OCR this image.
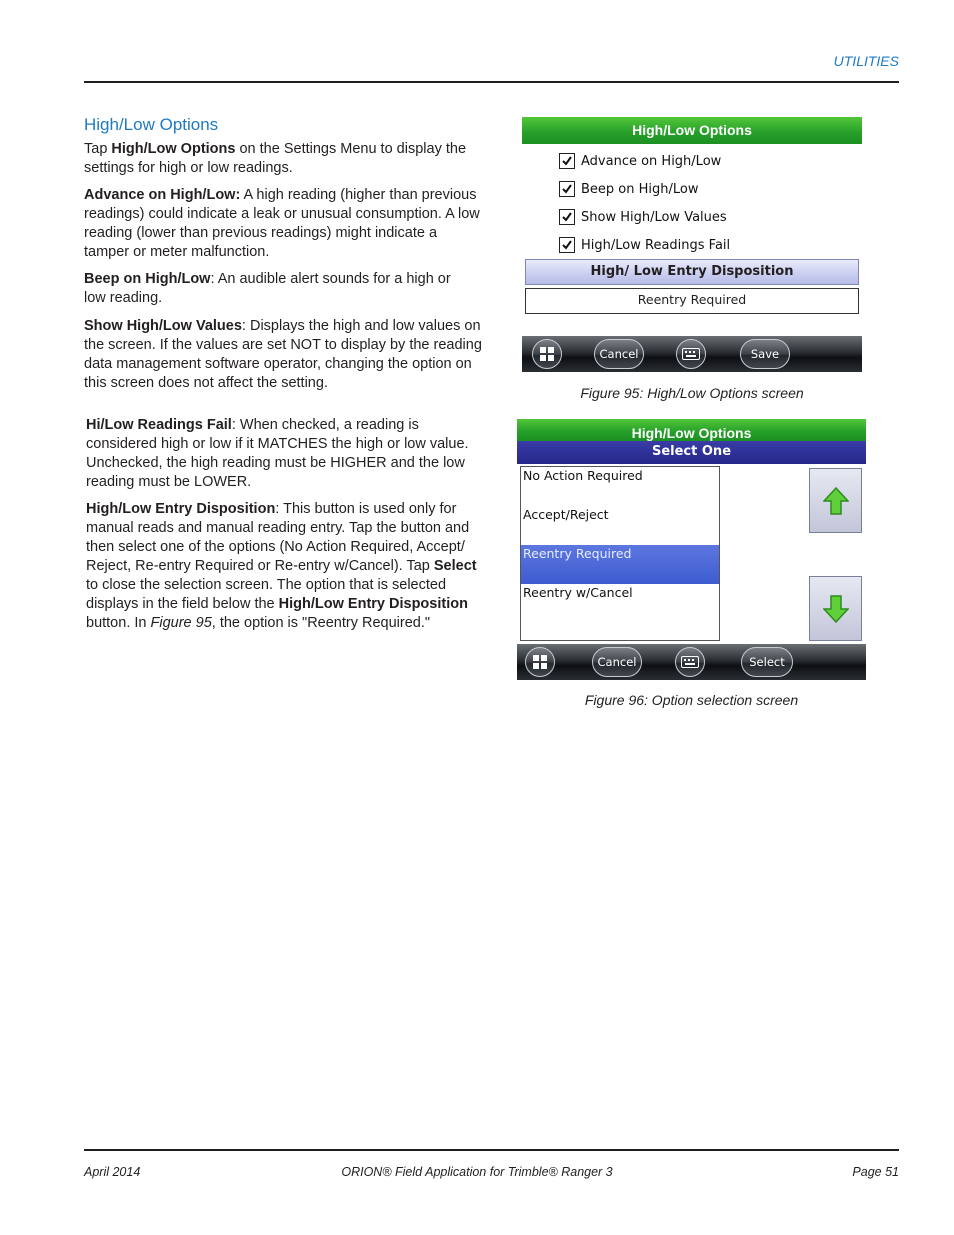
UTILITIES
High/Low Options
Tap High/Low Options on the Settings Menu to display the settings for high or low readings.
Advance on High/Low: A high reading (higher than previous readings) could indicate a leak or unusual consumption. A low reading (lower than previous readings) might indicate a tamper or meter malfunction.
Beep on High/Low: An audible alert sounds for a high or low reading.
Show High/Low Values: Displays the high and low values on the screen. If the values are set NOT to display by the reading data management software operator, changing the option on this screen does not affect the setting.
Hi/Low Readings Fail: When checked, a reading is considered high or low if it MATCHES the high or low value. Unchecked, the high reading must be HIGHER and the low reading must be LOWER.
High/Low Entry Disposition: This button is used only for manual reads and manual reading entry. Tap the button and then select one of the options (No Action Required, Accept/ Reject, Re-entry Required or Re-entry w/Cancel). Tap Select to close the selection screen. The option that is selected displays in the field below the High/Low Entry Disposition button. In Figure 95, the option is "Reentry Required."
High/Low Options
Advance on High/Low
Beep on High/Low
Show High/Low Values
High/Low Readings Fail
High/ Low Entry Disposition
Reentry Required
Cancel	Save
Figure 95: High/Low Options screen
High/Low Options
Select One
No Action Required
Accept/Reject
Reentry Required
Reentry w/Cancel
Cancel	Select
Figure 96: Option selection screen
April 2014	ORION® Field Application for Trimble® Ranger 3	Page 51
